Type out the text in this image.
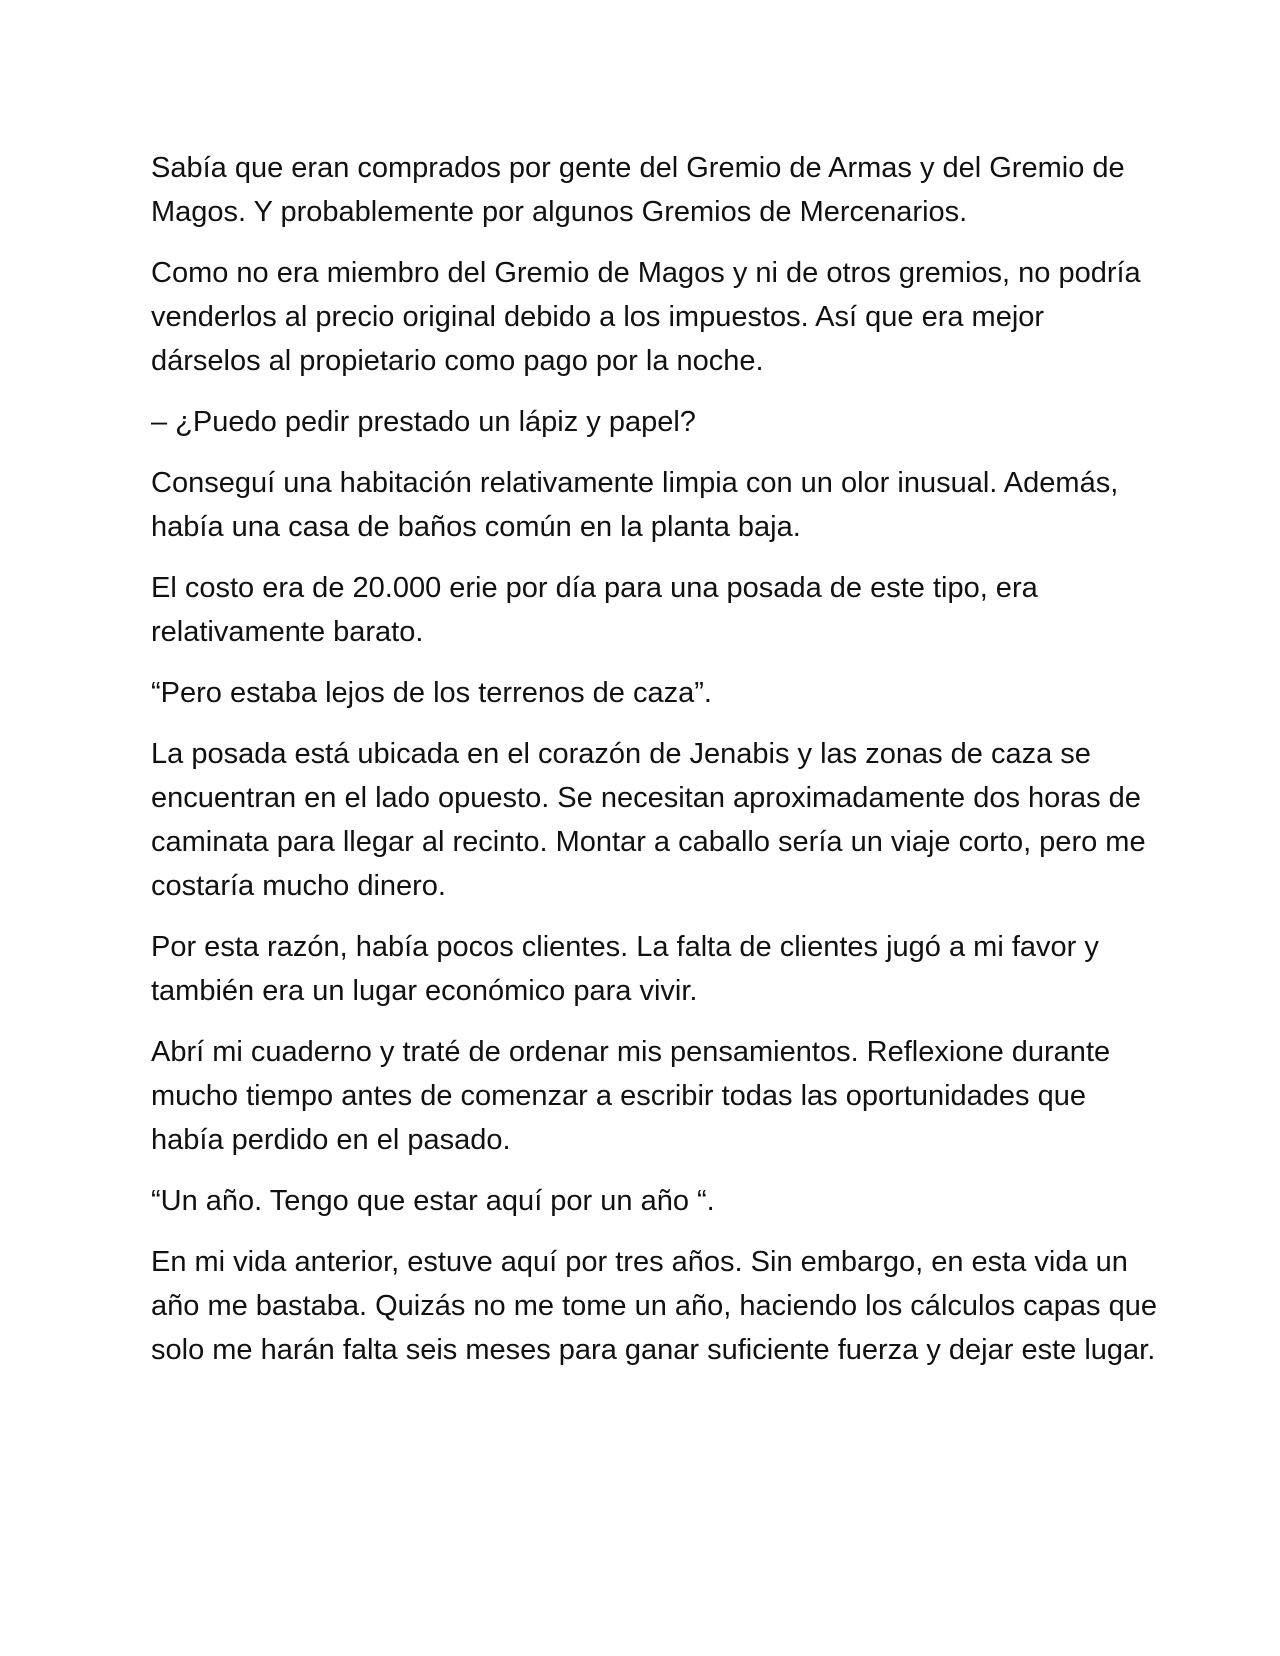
Sabía que eran comprados por gente del Gremio de Armas y del Gremio de Magos. Y probablemente por algunos Gremios de Mercenarios.

Como no era miembro del Gremio de Magos y ni de otros gremios, no podría venderlos al precio original debido a los impuestos. Así que era mejor dárselos al propietario como pago por la noche.

– ¿Puedo pedir prestado un lápiz y papel?

Conseguí una habitación relativamente limpia con un olor inusual. Además, había una casa de baños común en la planta baja.

El costo era de 20.000 erie por día para una posada de este tipo, era relativamente barato.

“Pero estaba lejos de los terrenos de caza”.

La posada está ubicada en el corazón de Jenabis y las zonas de caza se encuentran en el lado opuesto. Se necesitan aproximadamente dos horas de caminata para llegar al recinto. Montar a caballo sería un viaje corto, pero me costaría mucho dinero.

Por esta razón, había pocos clientes. La falta de clientes jugó a mi favor y también era un lugar económico para vivir.

Abrí mi cuaderno y traté de ordenar mis pensamientos. Reflexione durante mucho tiempo antes de comenzar a escribir todas las oportunidades que había perdido en el pasado.

“Un año. Tengo que estar aquí por un año “.

En mi vida anterior, estuve aquí por tres años. Sin embargo, en esta vida un año me bastaba. Quizás no me tome un año, haciendo los cálculos capas que solo me harán falta seis meses para ganar suficiente fuerza y dejar este lugar.
